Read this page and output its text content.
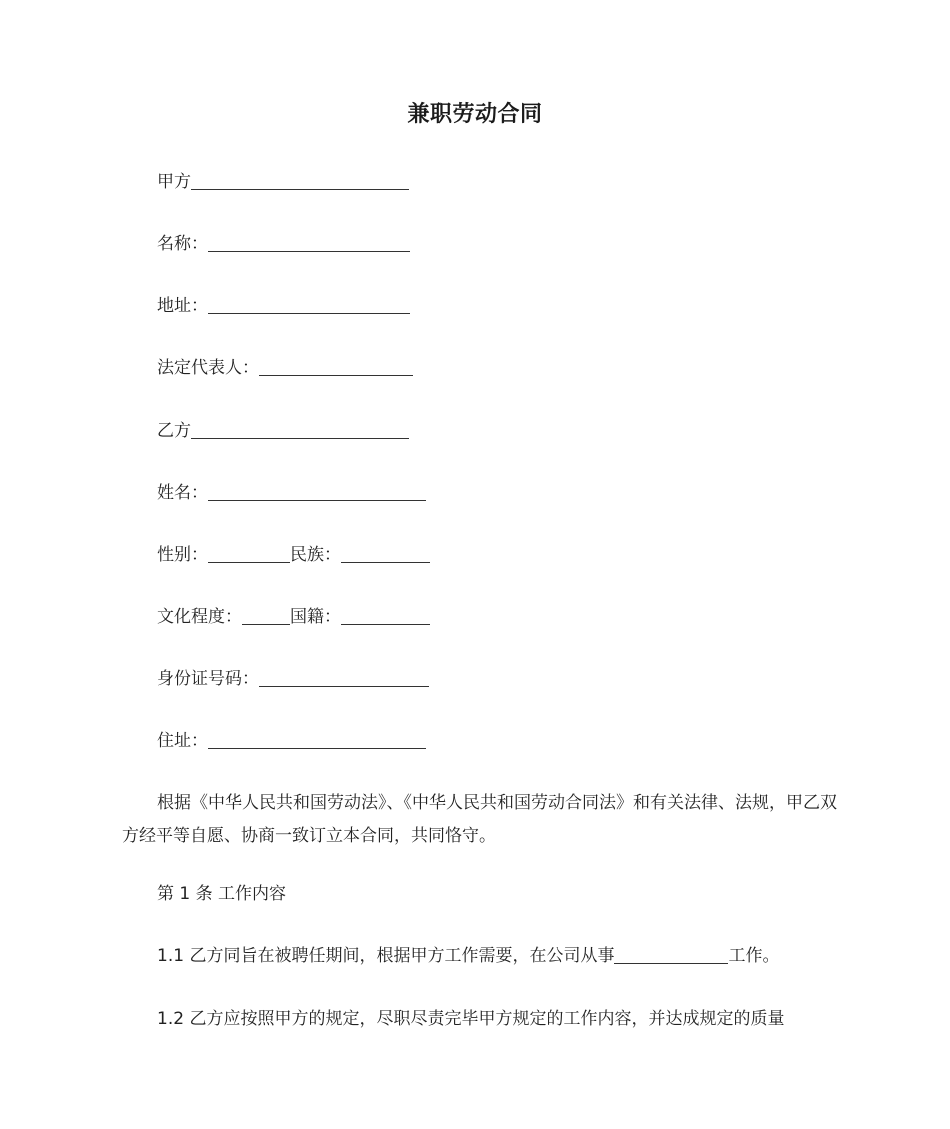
兼职劳动合同
甲方
名称：
地址：
法定代表人：
乙方
姓名：
性别：	民族：
文化程度：	国籍：
身份证号码：
住址：
根据《中华人民共和国劳动法》、《中华人民共和国劳动合同法》和有关法律、法规，甲乙双方经平等自愿、协商一致订立本合同，共同恪守。
第 1 条 工作内容
1.1 乙方同旨在被聘任期间，根据甲方工作需要，在公司从事	工作。
1.2 乙方应按照甲方的规定，尽职尽责完毕甲方规定的工作内容，并达成规定的质量
